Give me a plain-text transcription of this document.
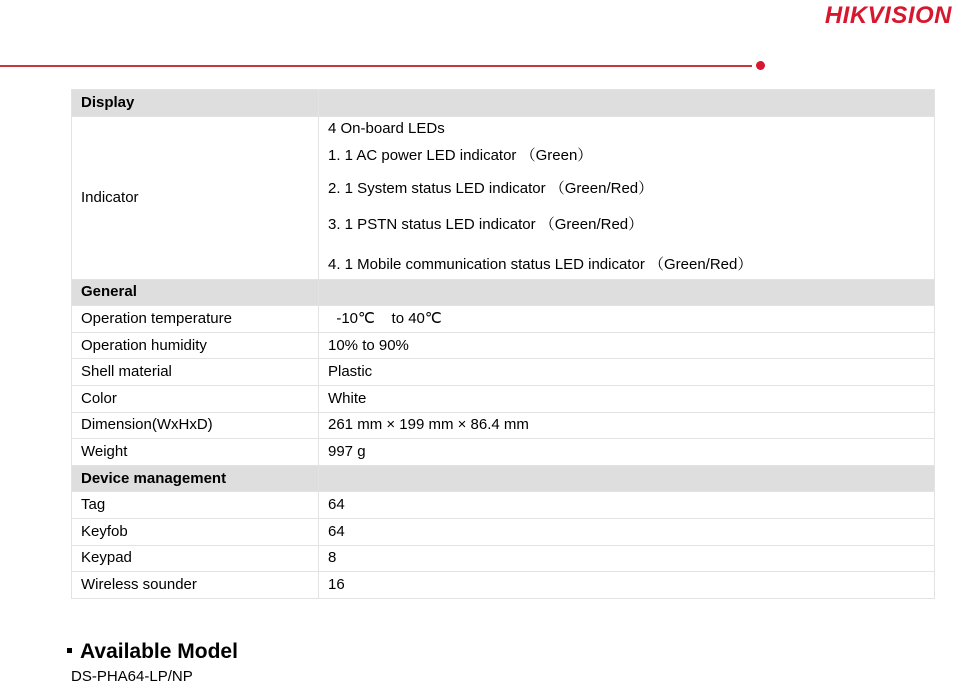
HIKVISION
Display	
Indicator	4 On-board LEDs
1. 1 AC power LED indicator （Green）
2. 1 System status LED indicator （Green/Red）
3. 1 PSTN status LED indicator （Green/Red）
4. 1 Mobile communication status LED indicator （Green/Red）

General	
Operation temperature	-10℃    to 40℃
Operation humidity	10% to 90%
Shell material	Plastic
Color	White
Dimension(WxHxD)	261 mm × 199 mm × 86.4 mm
Weight	997 g
Device management	
Tag	64
Keyfob	64
Keypad	8
Wireless sounder	16
Available Model
DS-PHA64-LP/NP
